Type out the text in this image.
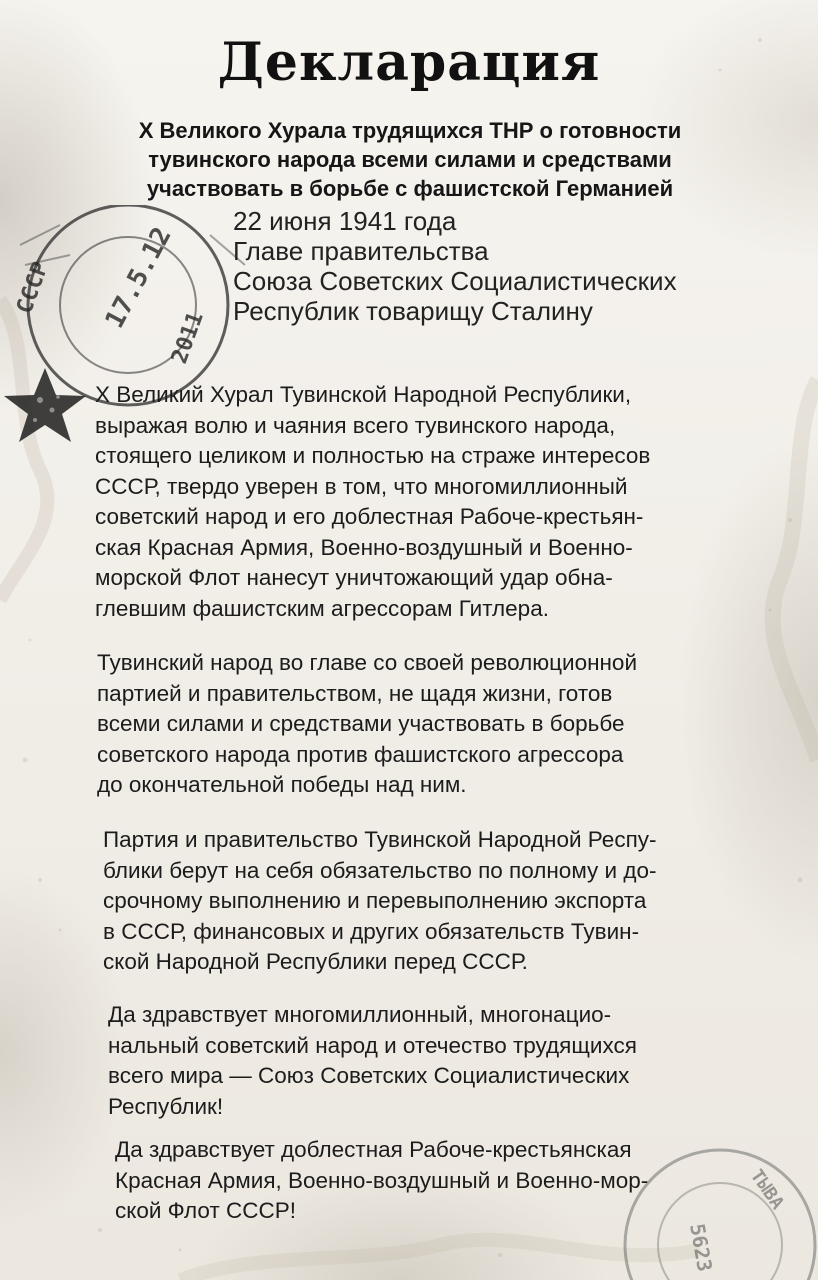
СССР 17.5.12
2011
ТЫВА
5623
Декларация
X Великого Хурала трудящихся ТНР о готовности
тувинского народа всеми силами и средствами
участвовать в борьбе с фашистской Германией
22 июня 1941 года
Главе правительства
Союза Советских Социалистических
Республик товарищу Сталину
X Великий Хурал Тувинской Народной Республики,
выражая волю и чаяния всего тувинского народа,
стоящего целиком и полностью на страже интересов
СССР, твердо уверен в том, что многомиллионный
советский народ и его доблестная Рабоче-крестьян-
ская Красная Армия, Военно-воздушный и Военно-
морской Флот нанесут уничтожающий удар обна-
глевшим фашистским агрессорам Гитлера.
Тувинский народ во главе со своей революционной
партией и правительством, не щадя жизни, готов
всеми силами и средствами участвовать в борьбе
советского народа против фашистского агрессора
до окончательной победы над ним.
Партия и правительство Тувинской Народной Респу-
блики берут на себя обязательство по полному и до-
срочному выполнению и перевыполнению экспорта
в СССР, финансовых и других обязательств Тувин-
ской Народной Республики перед СССР.
Да здравствует многомиллионный, многонацио-
нальный советский народ и отечество трудящихся
всего мира — Союз Советских Социалистических
Республик!
Да здравствует доблестная Рабоче-крестьянская
Красная Армия, Военно-воздушный и Военно-мор-
ской Флот СССР!
